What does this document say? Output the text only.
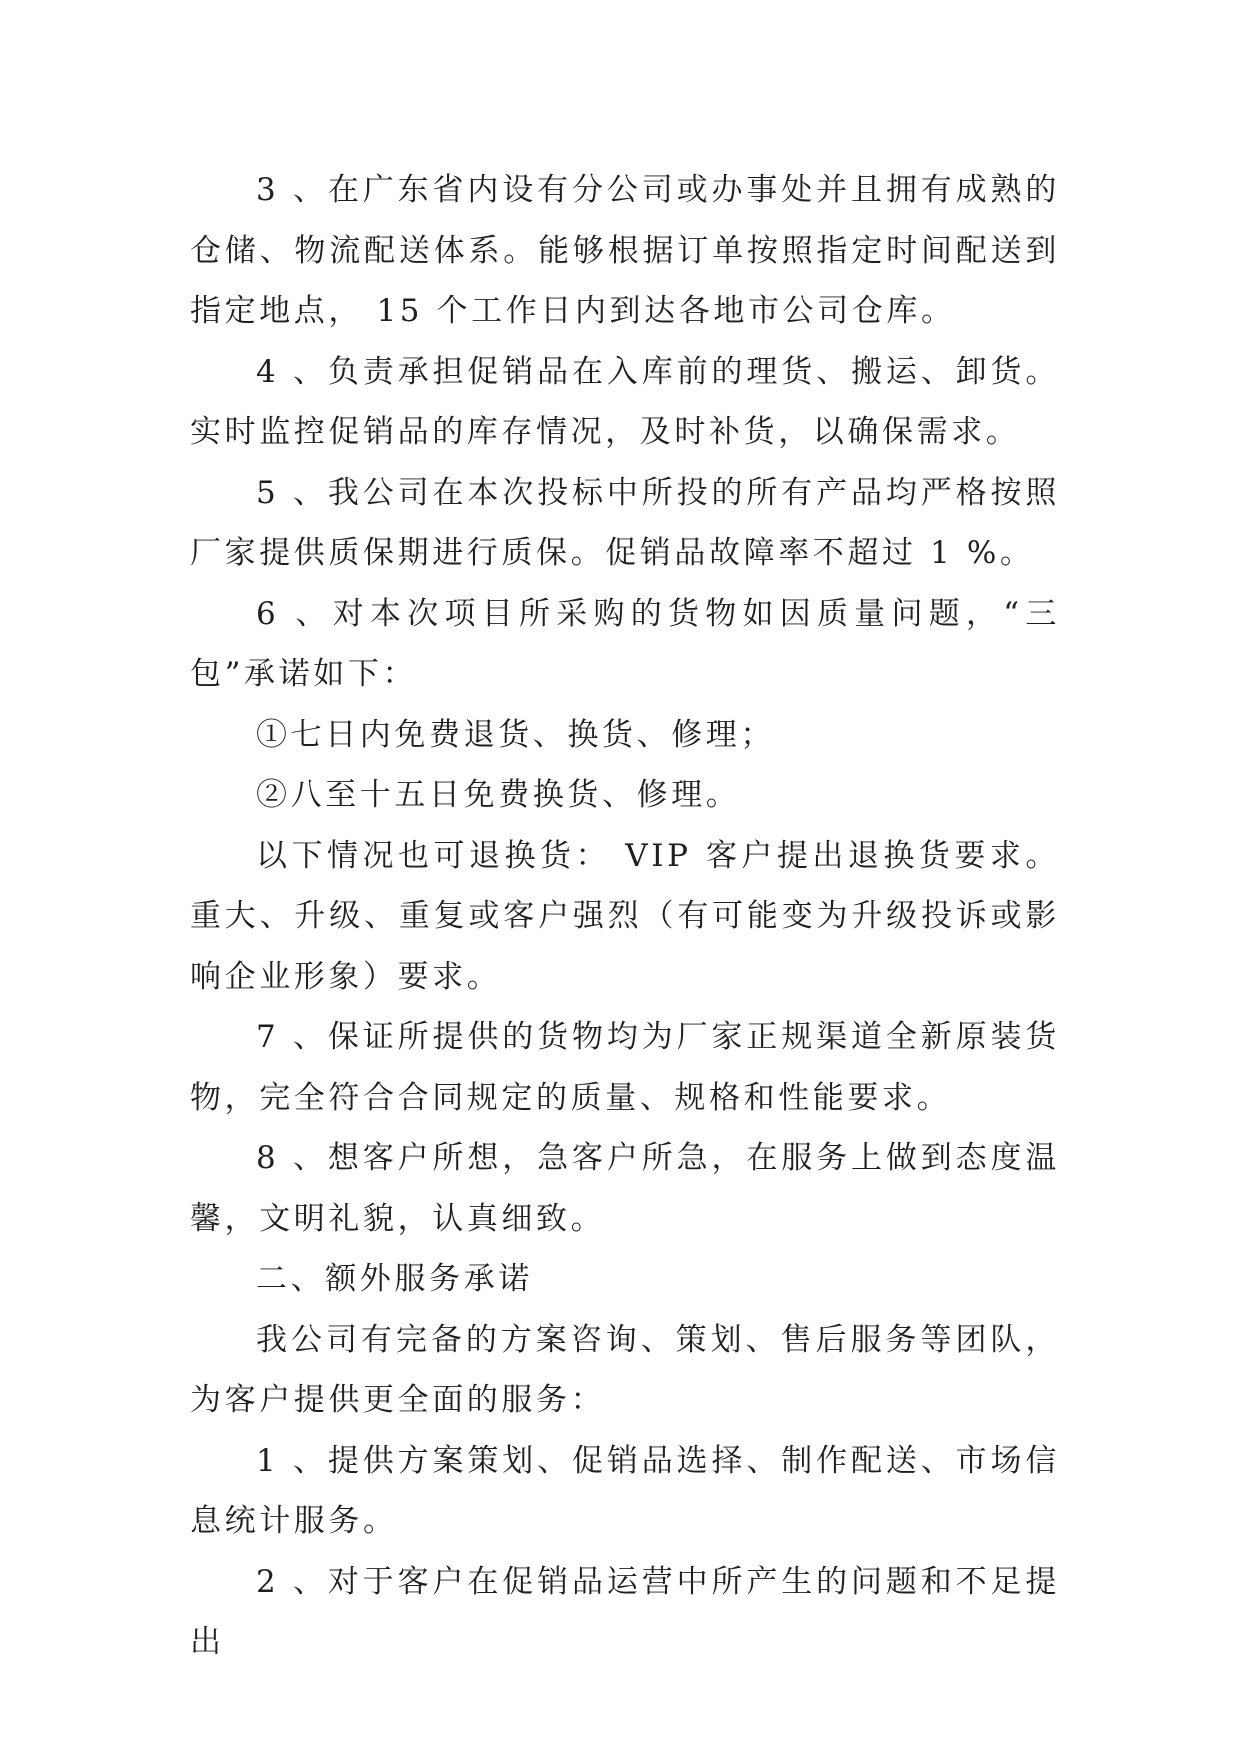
3 、在广东省内设有分公司或办事处并且拥有成熟的仓储、物流配送体系。能够根据订单按照指定时间配送到指定地点， 15 个工作日内到达各地市公司仓库。

4 、负责承担促销品在入库前的理货、搬运、卸货。实时监控促销品的库存情况，及时补货，以确保需求。

5 、我公司在本次投标中所投的所有产品均严格按照厂家提供质保期进行质保。促销品故障率不超过 1 %。

6 、对本次项目所采购的货物如因质量问题，“三包”承诺如下：

①七日内免费退货、换货、修理；

②八至十五日免费换货、修理。

以下情况也可退换货： VIP 客户提出退换货要求。重大、升级、重复或客户强烈（有可能变为升级投诉或影响企业形象）要求。

7 、保证所提供的货物均为厂家正规渠道全新原装货物，完全符合合同规定的质量、规格和性能要求。

8 、想客户所想，急客户所急，在服务上做到态度温馨，文明礼貌，认真细致。

二、额外服务承诺

我公司有完备的方案咨询、策划、售后服务等团队，为客户提供更全面的服务：

1 、提供方案策划、促销品选择、制作配送、市场信息统计服务。

2 、对于客户在促销品运营中所产生的问题和不足提出
